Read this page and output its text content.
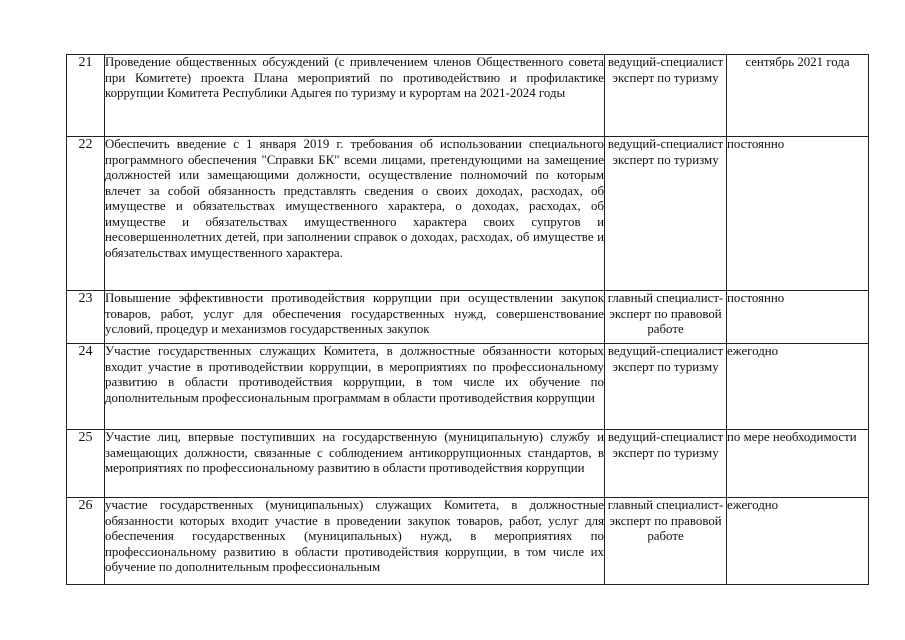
21	Проведение общественных обсуждений (с привлечением членов Общественного совета при Комитете) проекта Плана мероприятий по противодействию и профилактике коррупции Комитета Республики Адыгея по туризму и курортам на 2021-2024 годы	ведущий-специалист эксперт по туризму	сентябрь 2021 года
22	Обеспечить введение с 1 января 2019 г. требования об использовании специального программного обеспечения "Справки БК" всеми лицами, претендующими на замещение должностей или замещающими должности, осуществление полномочий по которым влечет за собой обязанность представлять сведения о своих доходах, расходах, об имуществе и обязательствах имущественного характера, о доходах, расходах, об имуществе и обязательствах имущественного характера своих супругов и несовершеннолетних детей, при заполнении справок о доходах, расходах, об имуществе и обязательствах имущественного характера.	ведущий-специалист эксперт по туризму	постоянно
23	Повышение эффективности противодействия коррупции при осуществлении закупок товаров, работ, услуг для обеспечения государственных нужд, совершенствование условий, процедур и механизмов государственных закупок	главный специалист-эксперт по правовой работе	постоянно
24	Участие государственных служащих Комитета, в должностные обязанности которых входит участие в противодействии коррупции, в мероприятиях по профессиональному развитию в области противодействия коррупции, в том числе их обучение по дополнительным профессиональным программам в области противодействия коррупции	ведущий-специалист эксперт по туризму	ежегодно
25	Участие лиц, впервые поступивших на государственную (муниципальную) службу и замещающих должности, связанные с соблюдением антикоррупционных стандартов, в мероприятиях по профессиональному развитию в области противодействия коррупции	ведущий-специалист эксперт по туризму	по мере необходимости
26	участие государственных (муниципальных) служащих Комитета, в должностные обязанности которых входит участие в проведении закупок товаров, работ, услуг для обеспечения государственных (муниципальных) нужд, в мероприятиях по профессиональному развитию в области противодействия коррупции, в том числе их обучение по дополнительным профессиональным	главный специалист-эксперт по правовой работе	ежегодно
